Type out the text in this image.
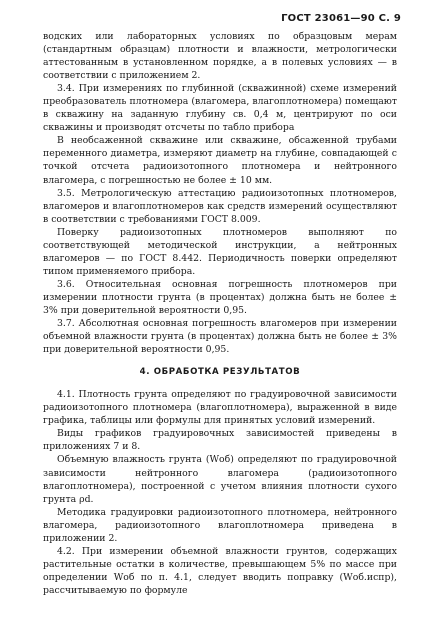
ГОСТ 23061—90 С. 9

водских или лабораторных условиях по образцовым мерам (стандартным образцам) плотности и влажности, метрологически аттестованным в установленном порядке, а в полевых условиях — в соответствии с приложением 2.

3.4. При измерениях по глубинной (скважинной) схеме измерений преобразователь плотномера (влагомера, влагоплотномера) помещают в скважину на заданную глубину св. 0,4 м, центрируют по оси скважины и производят отсчеты по табло прибора

В необсаженной скважине или скважине, обсаженной трубами переменного диаметра, измеряют диаметр на глубине, совпадающей с точкой отсчета радиоизотопного плотномера и нейтронного влагомера, с погрешностью не более ± 10 мм.

3.5. Метрологическую аттестацию радиоизотопных плотномеров, влагомеров и влагоплотномеров как средств измерений осуществляют в соответствии с требованиями ГОСТ 8.009.

Поверку радиоизотопных плотномеров выполняют по соответствующей методической инструкции, а нейтронных влагомеров — по ГОСТ 8.442. Периодичность поверки определяют типом применяемого прибора.

3.6. Относительная основная погрешность плотномеров при измерении плотности грунта (в процентах) должна быть не более ± 3% при доверительной вероятности 0,95.

3.7. Абсолютная основная погрешность влагомеров при измерении объемной влажности грунта (в процентах) должна быть не более ± 3% при доверительной вероятности 0,95.

4. ОБРАБОТКА РЕЗУЛЬТАТОВ

4.1. Плотность грунта определяют по градуировочной зависимости радиоизотопного плотномера (влагоплотномера), выраженной в виде графика, таблицы или формулы для принятых условий измерений.

Виды графиков градуировочных зависимостей приведены в приложениях 7 и 8.

Объемную влажность грунта (Wоб) определяют по градуировочной зависимости нейтронного влагомера (радиоизотопного влагоплотномера), построенной с учетом влияния плотности сухого грунта ρd.

Методика градуировки радиоизотопного плотномера, нейтронного влагомера, радиоизотопного влагоплотномера приведена в приложении 2.

4.2. При измерении объемной влажности грунтов, содержащих растительные остатки в количестве, превышающем 5% по массе при определении Wоб по п. 4.1, следует вводить поправку (Wоб.испр), рассчитываемую по формуле
